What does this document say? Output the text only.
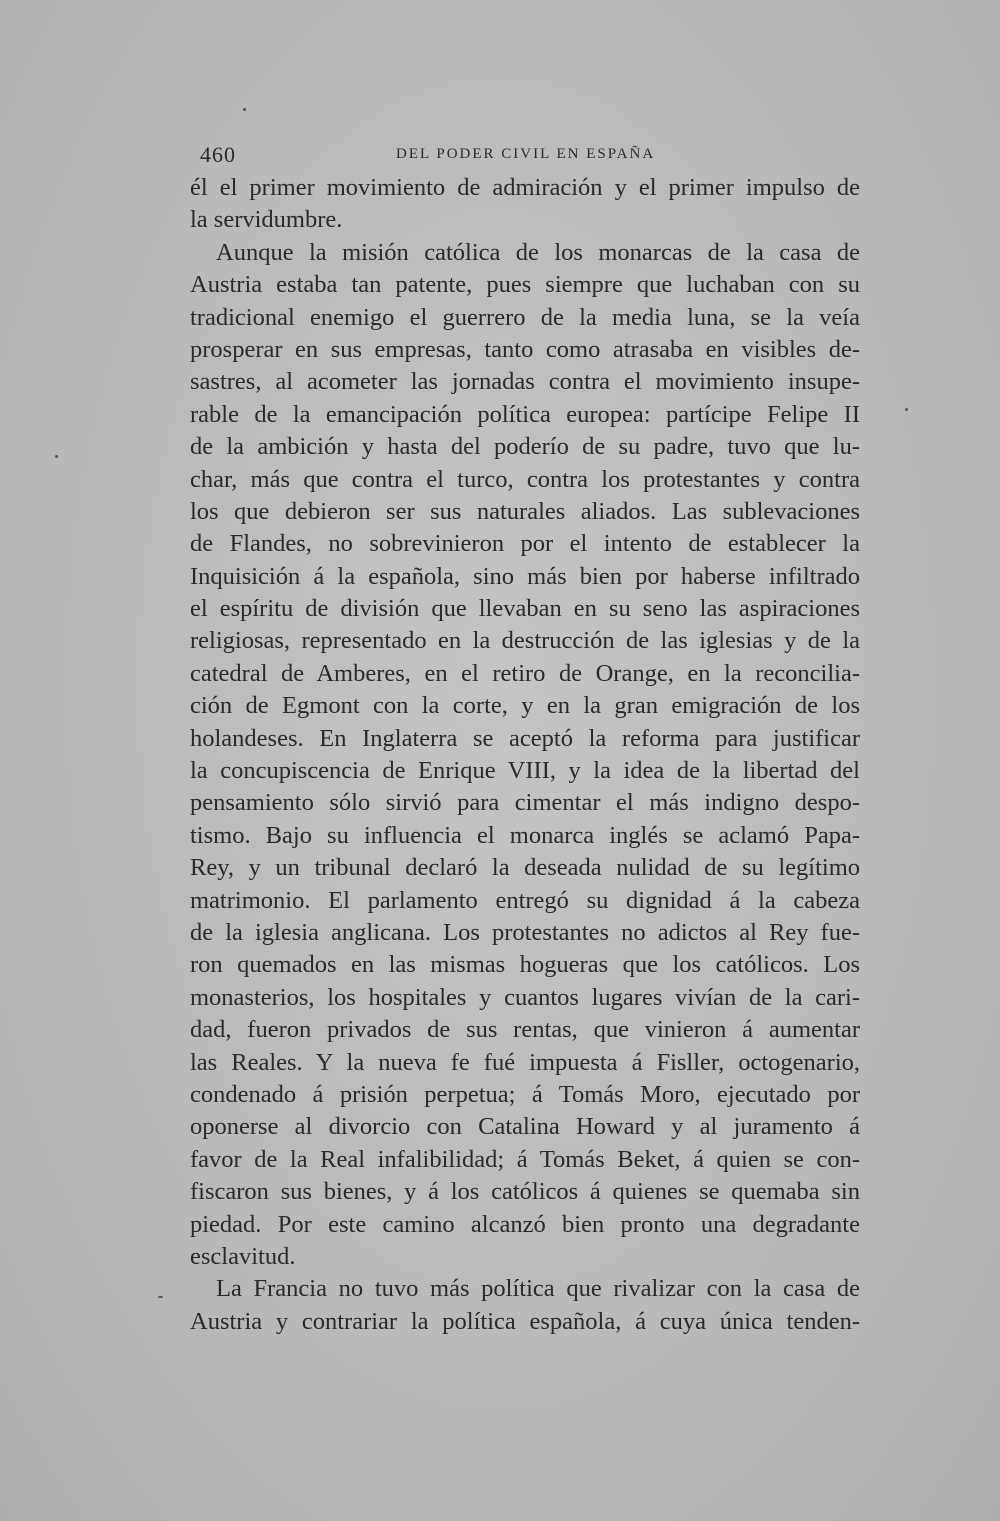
460	DEL PODER CIVIL EN ESPAÑA
él el primer movimiento de admiración y el primer impulso de
la servidumbre.
Aunque la misión católica de los monarcas de la casa de
Austria estaba tan patente, pues siempre que luchaban con su
tradicional enemigo el guerrero de la media luna, se la veía
prosperar en sus empresas, tanto como atrasaba en visibles de-
sastres, al acometer las jornadas contra el movimiento insupe-
rable de la emancipación política europea: partícipe Felipe II
de la ambición y hasta del poderío de su padre, tuvo que lu-
char, más que contra el turco, contra los protestantes y contra
los que debieron ser sus naturales aliados. Las sublevaciones
de Flandes, no sobrevinieron por el intento de establecer la
Inquisición á la española, sino más bien por haberse infiltrado
el espíritu de división que llevaban en su seno las aspiraciones
religiosas, representado en la destrucción de las iglesias y de la
catedral de Amberes, en el retiro de Orange, en la reconcilia-
ción de Egmont con la corte, y en la gran emigración de los
holandeses. En Inglaterra se aceptó la reforma para justificar
la concupiscencia de Enrique VIII, y la idea de la libertad del
pensamiento sólo sirvió para cimentar el más indigno despo-
tismo. Bajo su influencia el monarca inglés se aclamó Papa-
Rey, y un tribunal declaró la deseada nulidad de su legítimo
matrimonio. El parlamento entregó su dignidad á la cabeza
de la iglesia anglicana. Los protestantes no adictos al Rey fue-
ron quemados en las mismas hogueras que los católicos. Los
monasterios, los hospitales y cuantos lugares vivían de la cari-
dad, fueron privados de sus rentas, que vinieron á aumentar
las Reales. Y la nueva fe fué impuesta á Fisller, octogenario,
condenado á prisión perpetua; á Tomás Moro, ejecutado por
oponerse al divorcio con Catalina Howard y al juramento á
favor de la Real infalibilidad; á Tomás Beket, á quien se con-
fiscaron sus bienes, y á los católicos á quienes se quemaba sin
piedad. Por este camino alcanzó bien pronto una degradante
esclavitud.
La Francia no tuvo más política que rivalizar con la casa de
Austria y contrariar la política española, á cuya única tenden-
